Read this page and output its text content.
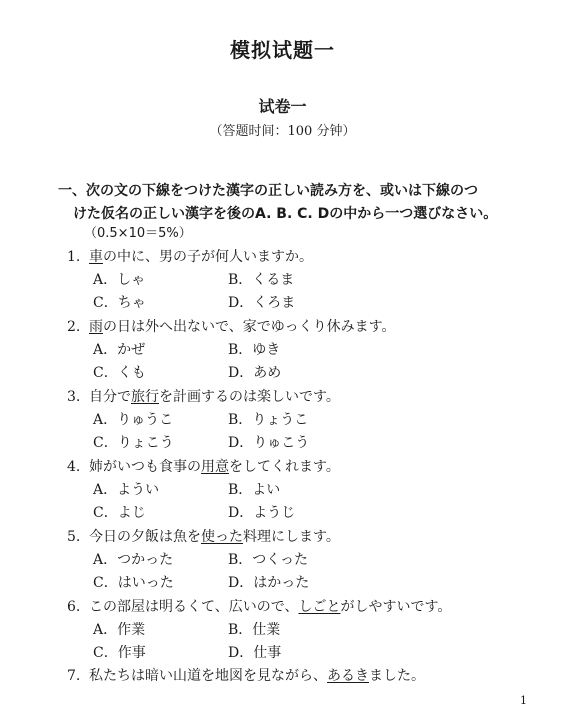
模拟试题一
试卷一
（答题时间：100 分钟）
一、次の文の下線をつけた漢字の正しい読み方を、或いは下線のつ
けた仮名の正しい漢字を後のA. B. C. Dの中から一つ選びなさい。
（0.5×10＝5%）
1. 車の中に、男の子が何人いますか。
A．しゃ	B．くるま
C．ちゃ	D．くろま
2. 雨の日は外へ出ないで、家でゆっくり休みます。
A．かぜ	B．ゆき
C．くも	D．あめ
3. 自分で旅行を計画するのは楽しいです。
A．りゅうこ	B．りょうこ
C．りょこう	D．りゅこう
4. 姉がいつも食事の用意をしてくれます。
A．ようい	B．よい
C．よじ	D．ようじ
5. 今日の夕飯は魚を使った料理にします。
A．つかった	B．つくった
C．はいった	D．はかった
6. この部屋は明るくて、広いので、しごとがしやすいです。
A．作業	B．仕業
C．作事	D．仕事
7. 私たちは暗い山道を地図を見ながら、あるきました。
1
